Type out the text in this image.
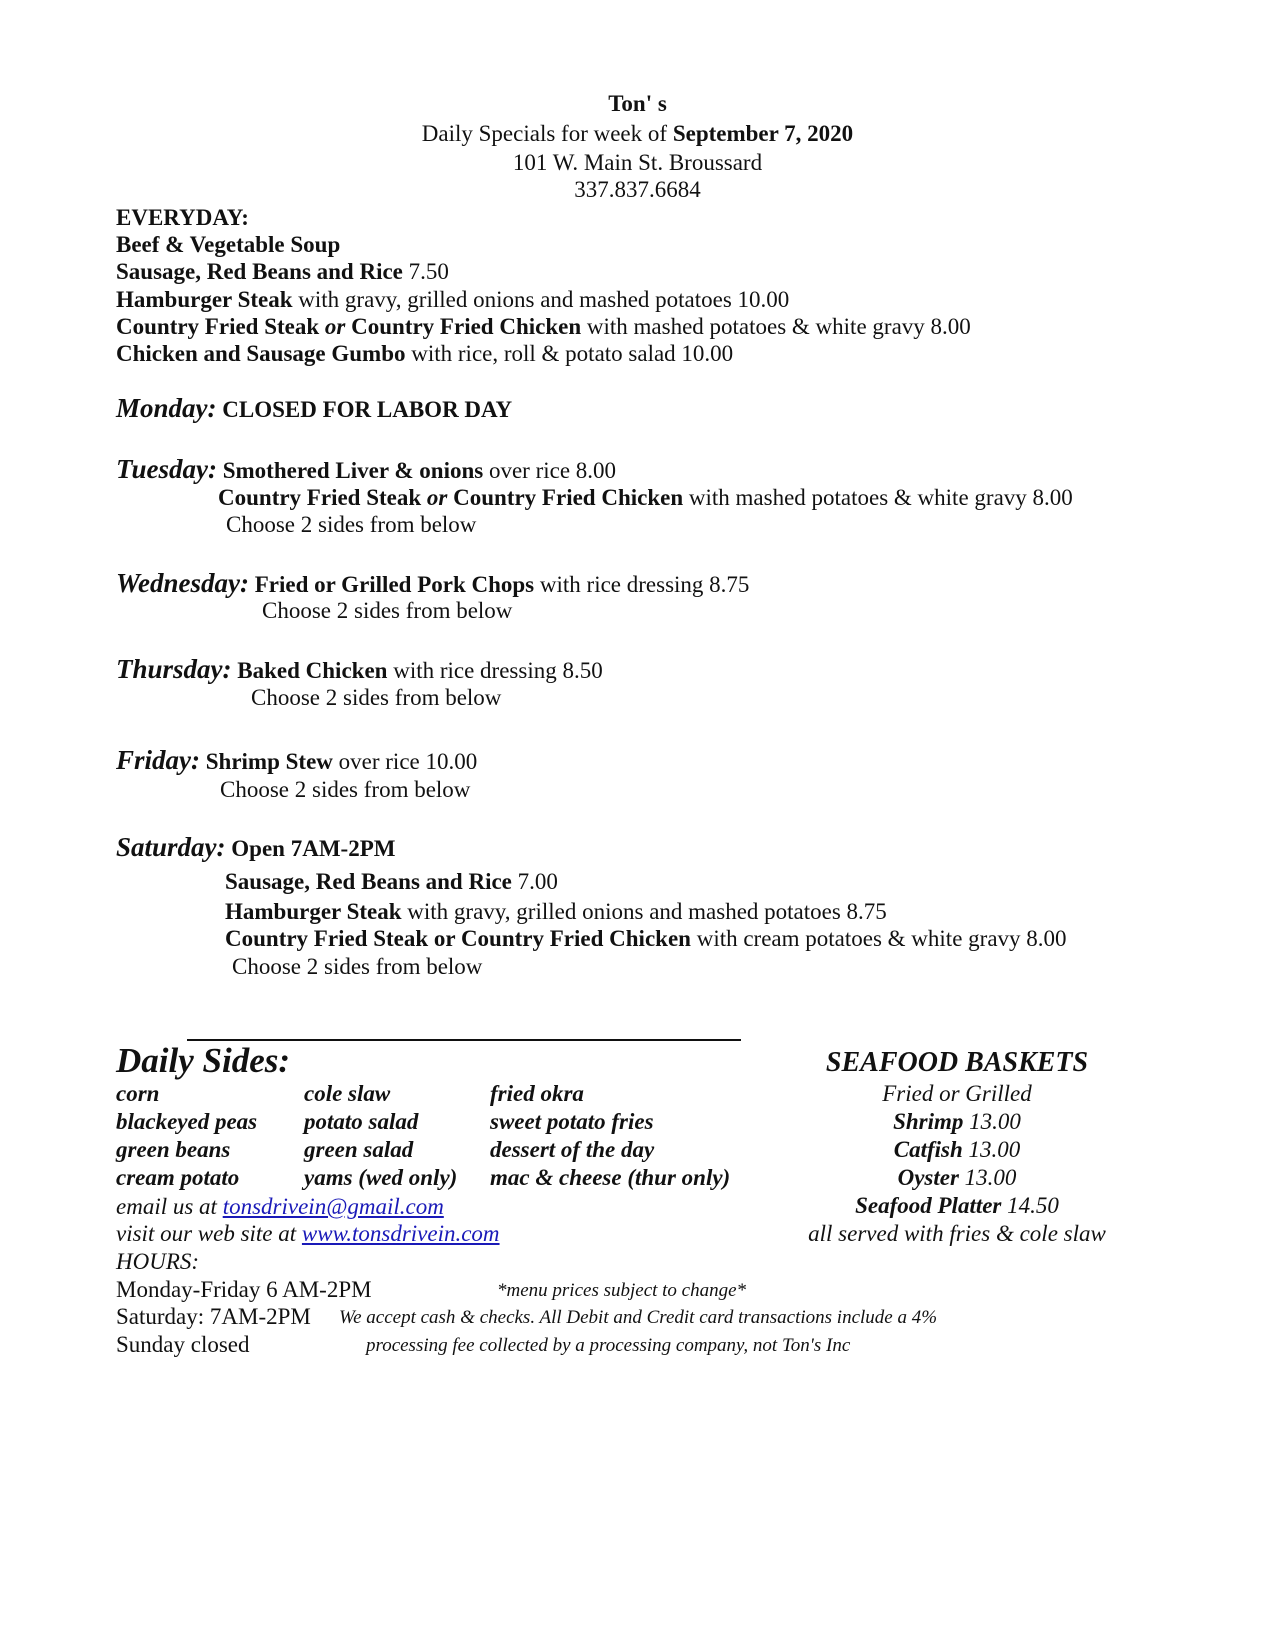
Ton' s
Daily Specials for week of September 7, 2020
101 W. Main St. Broussard
337.837.6684
EVERYDAY:
Beef & Vegetable Soup
Sausage, Red Beans and Rice 7.50
Hamburger Steak with gravy, grilled onions and mashed potatoes 10.00
Country Fried Steak or Country Fried Chicken with mashed potatoes & white gravy 8.00
Chicken and Sausage Gumbo with rice, roll & potato salad 10.00
Monday: CLOSED FOR LABOR DAY
Tuesday: Smothered Liver & onions over rice 8.00
Country Fried Steak or Country Fried Chicken with mashed potatoes & white gravy 8.00
Choose 2 sides from below
Wednesday: Fried or Grilled Pork Chops with rice dressing 8.75
Choose 2 sides from below
Thursday: Baked Chicken with rice dressing 8.50
Choose 2 sides from below
Friday: Shrimp Stew over rice 10.00
Choose 2 sides from below
Saturday: Open 7AM-2PM
Sausage, Red Beans and Rice 7.00
Hamburger Steak with gravy, grilled onions and mashed potatoes 8.75
Country Fried Steak or Country Fried Chicken with cream potatoes & white gravy 8.00
Choose 2 sides from below
Daily Sides:
corn
blackeyed peas
green beans
cream potato
cole slaw
potato salad
green salad
yams (wed only)
fried okra
sweet potato fries
dessert of the day
mac & cheese (thur only)
email us at tonsdrivein@gmail.com
visit our web site at www.tonsdrivein.com
HOURS:
Monday-Friday 6 AM-2PM
Saturday: 7AM-2PM
Sunday closed
*menu prices subject to change*
We accept cash & checks. All Debit and Credit card transactions include a 4%
processing fee collected by a processing company, not Ton's Inc
SEAFOOD BASKETS
Fried or Grilled
Shrimp 13.00
Catfish 13.00
Oyster 13.00
Seafood Platter 14.50
all served with fries & cole slaw
